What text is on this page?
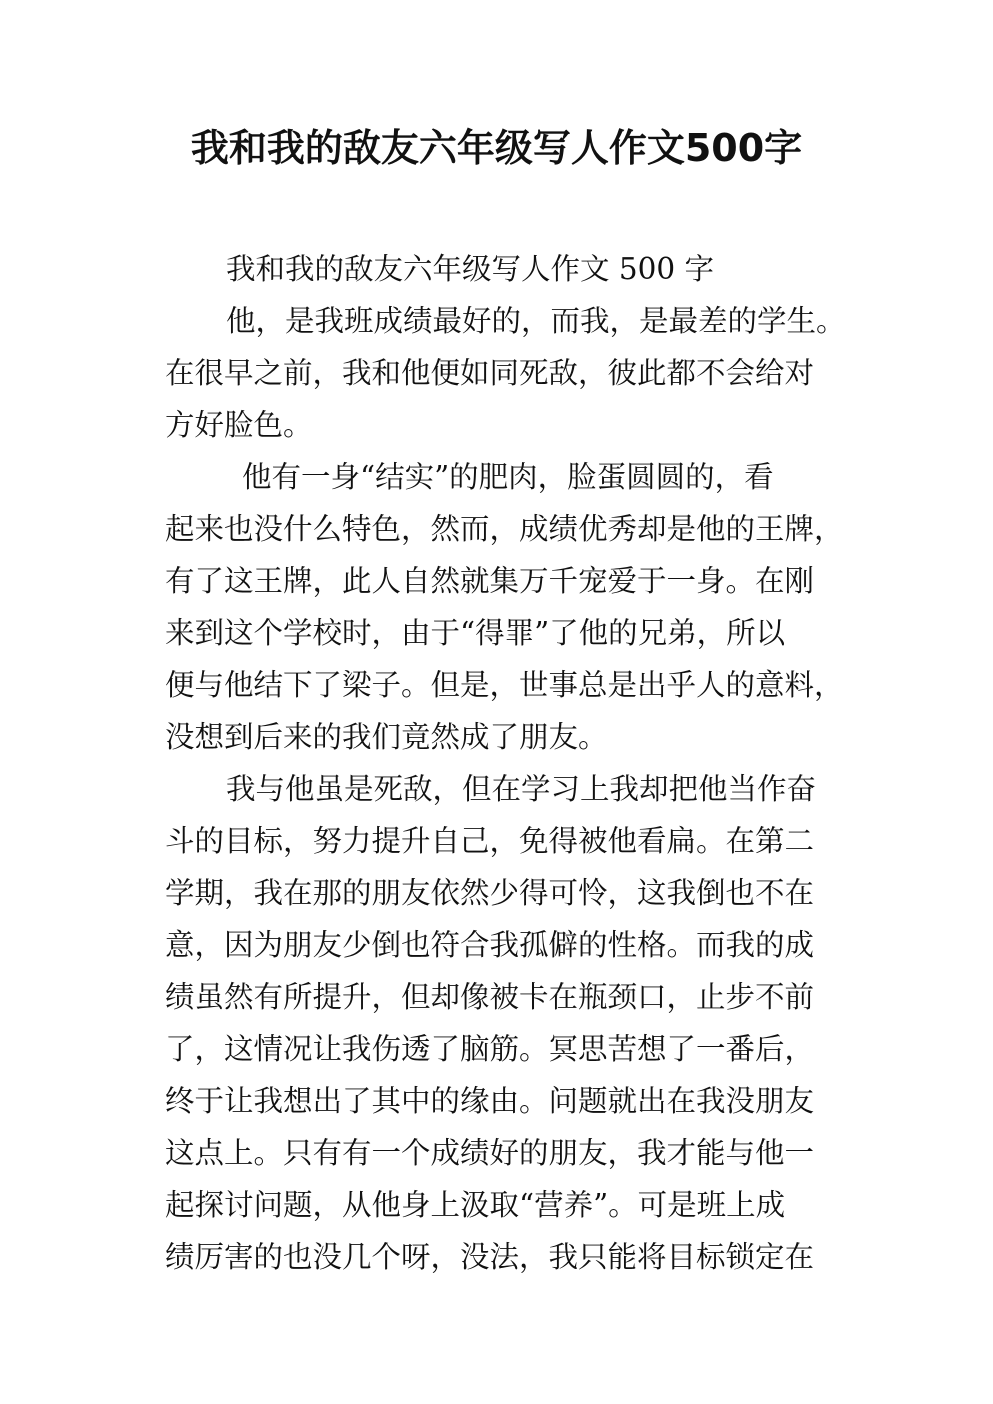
我和我的敌友六年级写人作文500字

我和我的敌友六年级写人作文 500 字

他，是我班成绩最好的，而我，是最差的学生。

在很早之前，我和他便如同死敌，彼此都不会给对

方好脸色。

他有一身“结实”的肥肉，脸蛋圆圆的，看

起来也没什么特色，然而，成绩优秀却是他的王牌，

有了这王牌，此人自然就集万千宠爱于一身。在刚

来到这个学校时，由于“得罪”了他的兄弟，所以

便与他结下了梁子。但是，世事总是出乎人的意料，

没想到后来的我们竟然成了朋友。

我与他虽是死敌，但在学习上我却把他当作奋

斗的目标，努力提升自己，免得被他看扁。在第二

学期，我在那的朋友依然少得可怜，这我倒也不在

意，因为朋友少倒也符合我孤僻的性格。而我的成

绩虽然有所提升，但却像被卡在瓶颈口，止步不前

了，这情况让我伤透了脑筋。冥思苦想了一番后，

终于让我想出了其中的缘由。问题就出在我没朋友

这点上。只有有一个成绩好的朋友，我才能与他一

起探讨问题，从他身上汲取“营养”。可是班上成

绩厉害的也没几个呀，没法，我只能将目标锁定在
